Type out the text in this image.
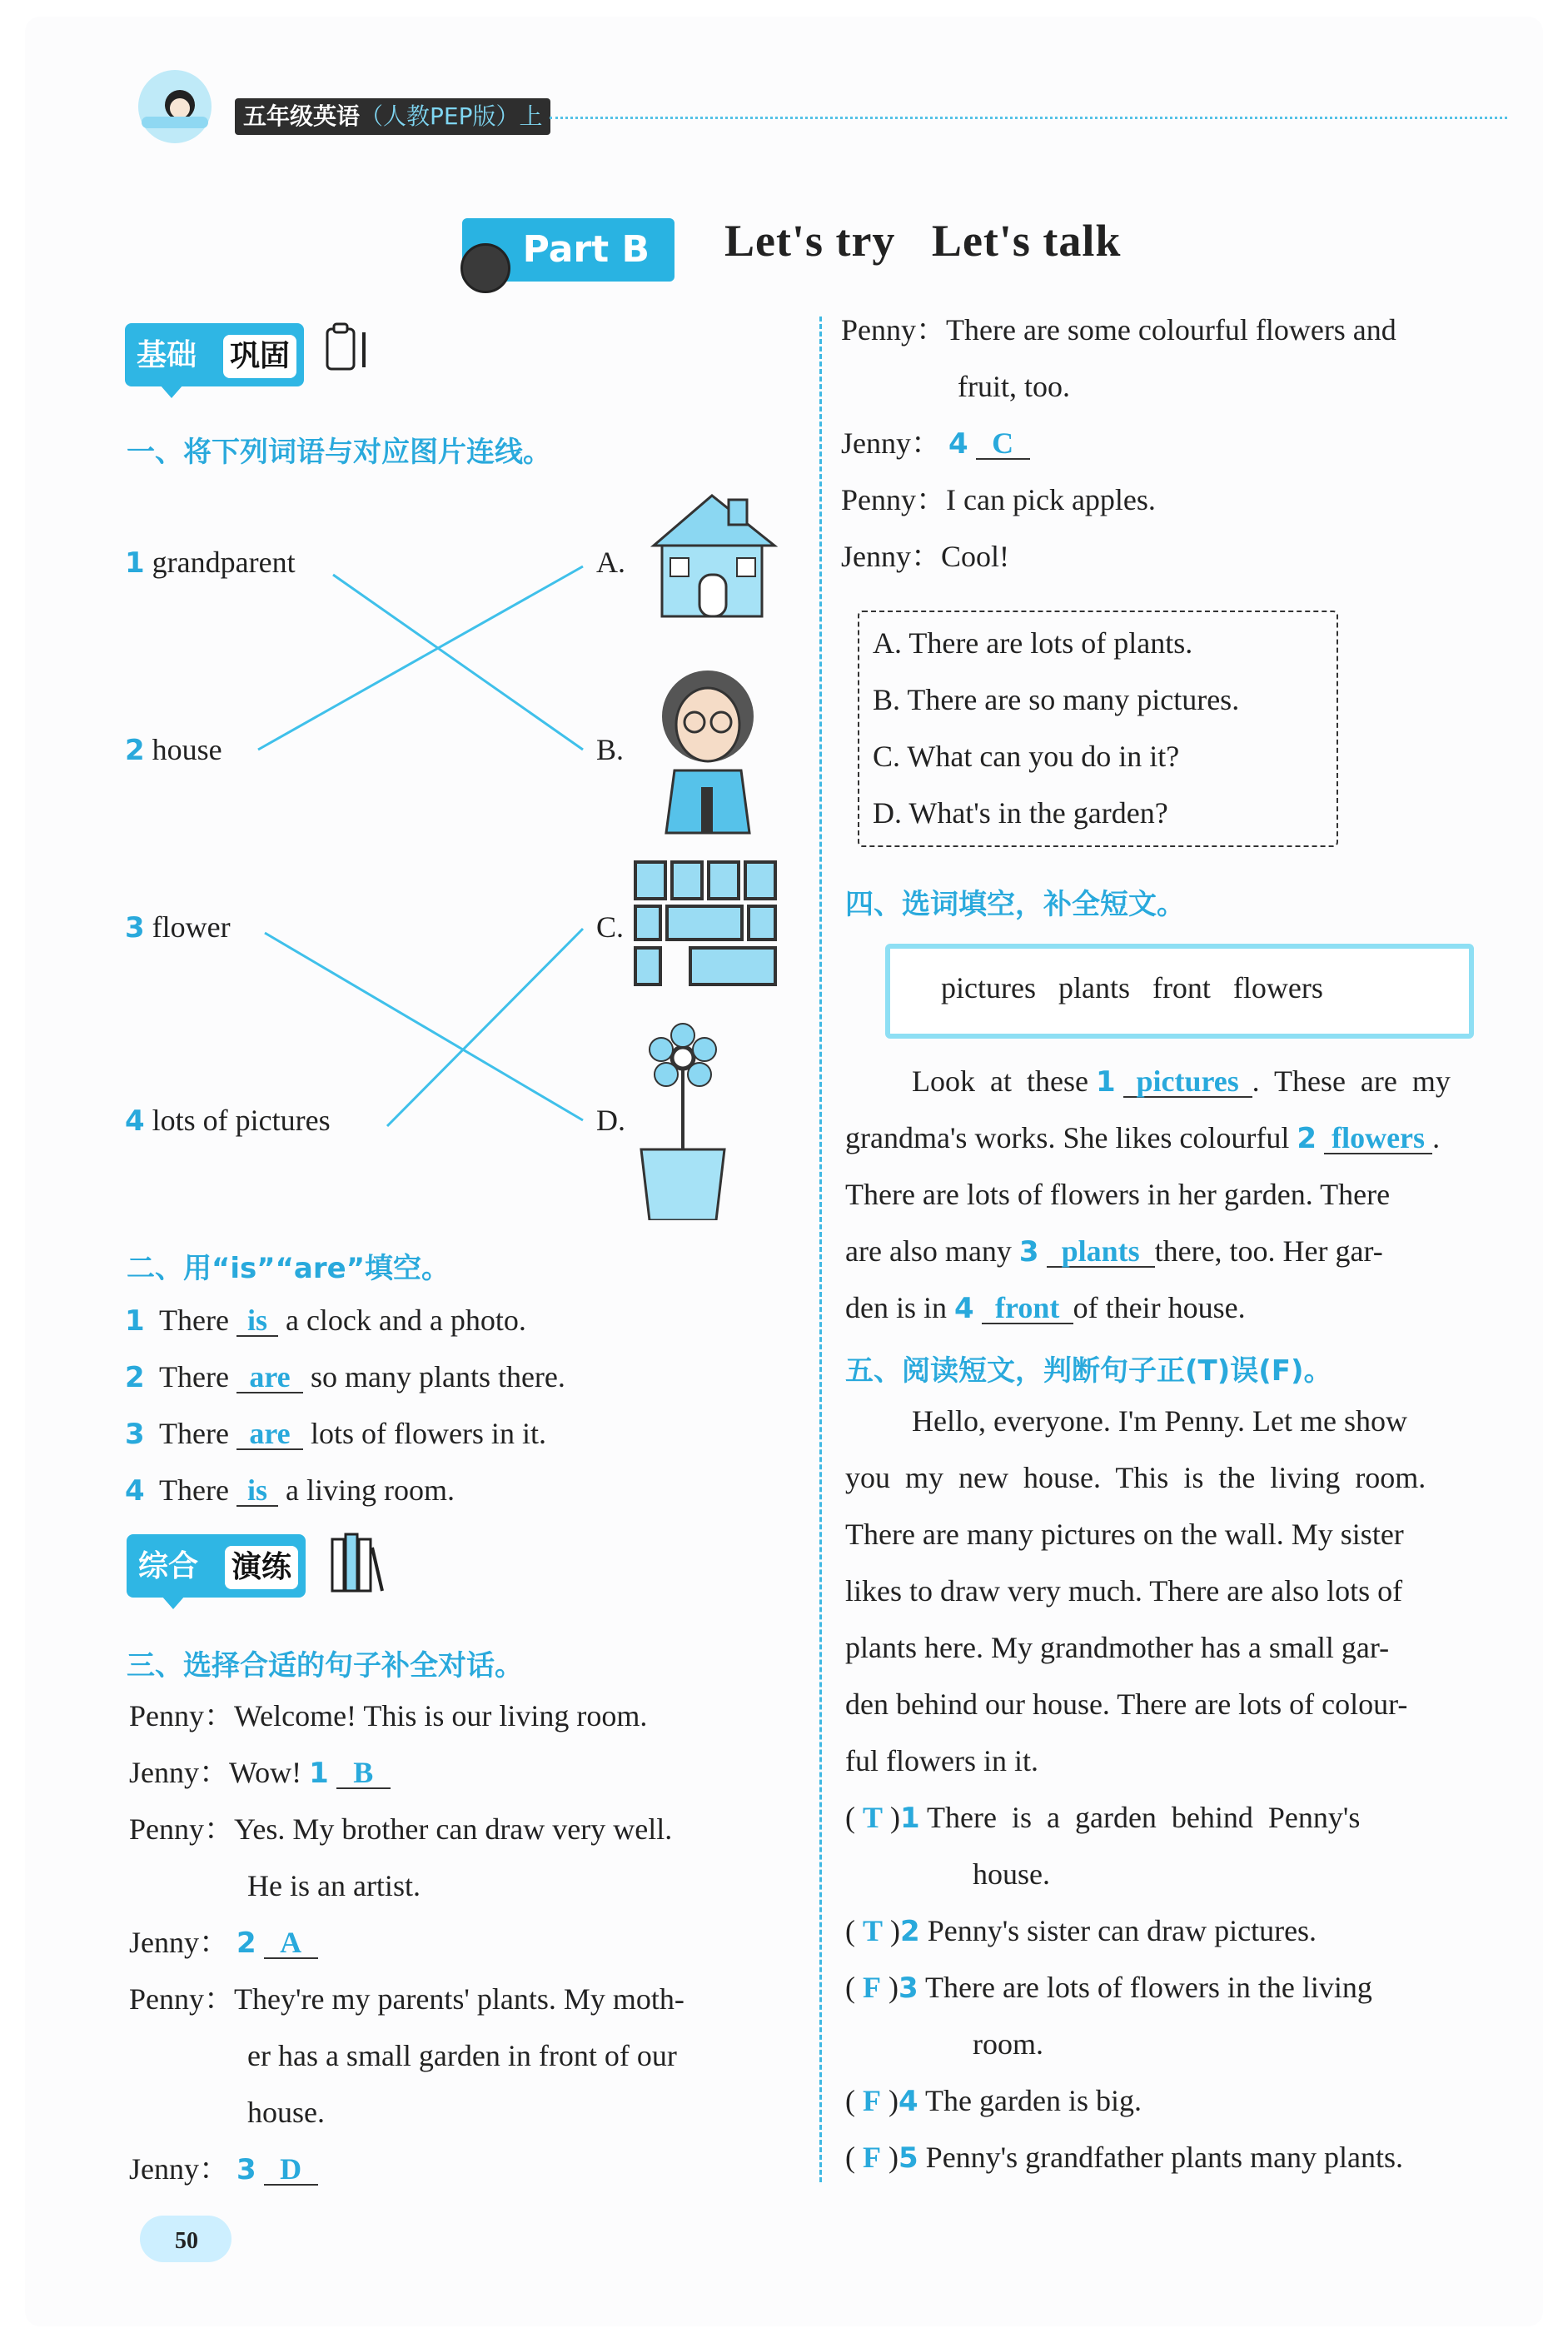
五年级英语（人教PEP版）上
Part B	Let's try   Let's talk
基础 巩固
一、将下列词语与对应图片连线。
1 grandparent
2 house
3 flower
4 lots of pictures
A.
B.
C.
D.
二、用“is”“are”填空。
1 There is a clock and a photo.
2 There are so many plants there.
3 There are lots of flowers in it.
4 There is a living room.
综合 演练
三、选择合适的句子补全对话。
Penny：Welcome! This is our living room.
Jenny：Wow! 1 B
Penny：Yes. My brother can draw very well.
He is an artist.
Jenny： 2 A
Penny：They're my parents' plants. My moth-
er has a small garden in front of our
house.
Jenny： 3 D
Penny：There are some colourful flowers and
fruit, too.
Jenny： 4 C
Penny：I can pick apples.
Jenny：Cool!
A. There are lots of plants.
B. There are so many pictures.
C. What can you do in it?
D. What's in the garden?
四、选词填空，补全短文。
pictures   plants   front   flowers
Look  at  these 1 pictures .  These  are  my
grandma's works. She likes colourful 2 flowers .
There are lots of flowers in her garden. There
are also many 3 plants there, too. Her gar-
den is in 4 front of their house.
五、阅读短文，判断句子正(T)误(F)。
Hello, everyone. I'm Penny. Let me show
you  my  new  house.  This  is  the  living  room.
There are many pictures on the wall. My sister
likes to draw very much. There are also lots of
plants here. My grandmother has a small gar-
den behind our house. There are lots of colour-
ful flowers in it.
( T )1 There  is  a  garden  behind  Penny's
house.
( T )2 Penny's sister can draw pictures.
( F )3 There are lots of flowers in the living
room.
( F )4 The garden is big.
( F )5 Penny's grandfather plants many plants.
50
